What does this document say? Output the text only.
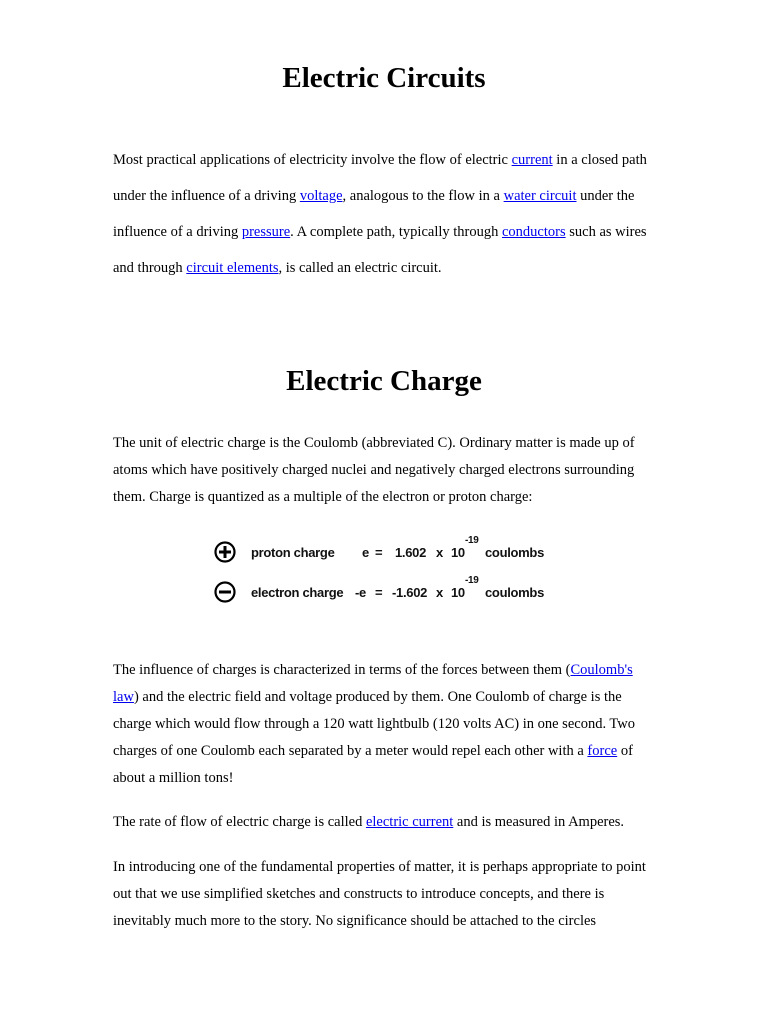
Electric Circuits

Most practical applications of electricity involve the flow of electric current in a closed path under the influence of a driving voltage, analogous to the flow in a water circuit under the influence of a driving pressure. A complete path, typically through conductors such as wires and through circuit elements, is called an electric circuit.

Electric Charge

The unit of electric charge is the Coulomb (abbreviated C). Ordinary matter is made up of atoms which have positively charged nuclei and negatively charged electrons surrounding them. Charge is quantized as a multiple of the electron or proton charge:

proton charge e = 1.602 x 10
-19
coulombs
electron charge -e = -1.602 x 10
-19
coulombs

The influence of charges is characterized in terms of the forces between them (Coulomb's law) and the electric field and voltage produced by them. One Coulomb of charge is the charge which would flow through a 120 watt lightbulb (120 volts AC) in one second. Two charges of one Coulomb each separated by a meter would repel each other with a force of about a million tons!

The rate of flow of electric charge is called electric current and is measured in Amperes.

In introducing one of the fundamental properties of matter, it is perhaps appropriate to point out that we use simplified sketches and constructs to introduce concepts, and there is inevitably much more to the story. No significance should be attached to the circles
